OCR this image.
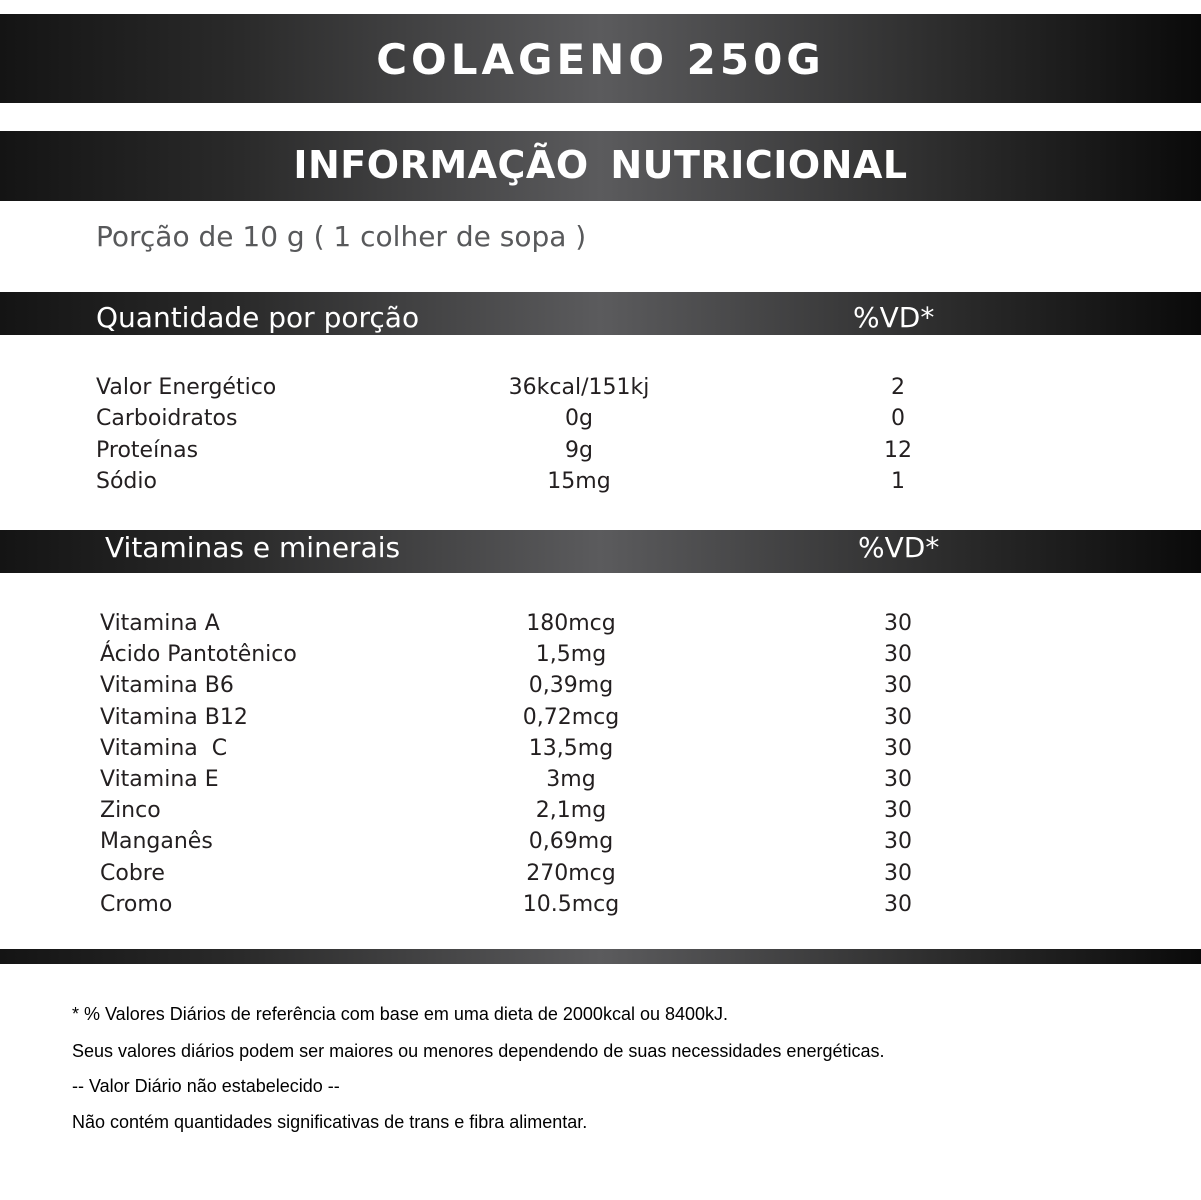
COLAGENO 250G
INFORMAÇÃO NUTRICIONAL
Porção de 10 g ( 1 colher de sopa )
Quantidade por porção	%VD*
Valor Energético	36kcal/151kj	2
Carboidratos	0g	0
Proteínas	9g	12
Sódio	15mg	1
Vitaminas e minerais	%VD*
Vitamina A	180mcg	30
Ácido Pantotênico	1,5mg	30
Vitamina B6	0,39mg	30
Vitamina B12	0,72mcg	30
Vitamina  C	13,5mg	30
Vitamina E	3mg	30
Zinco	2,1mg	30
Manganês	0,69mg	30
Cobre	270mcg	30
Cromo	10.5mcg	30
* % Valores Diários de referência com base em uma dieta de 2000kcal ou 8400kJ.
Seus valores diários podem ser maiores ou menores dependendo de suas necessidades energéticas.
-- Valor Diário não estabelecido --
Não contém quantidades significativas de trans e fibra alimentar.
